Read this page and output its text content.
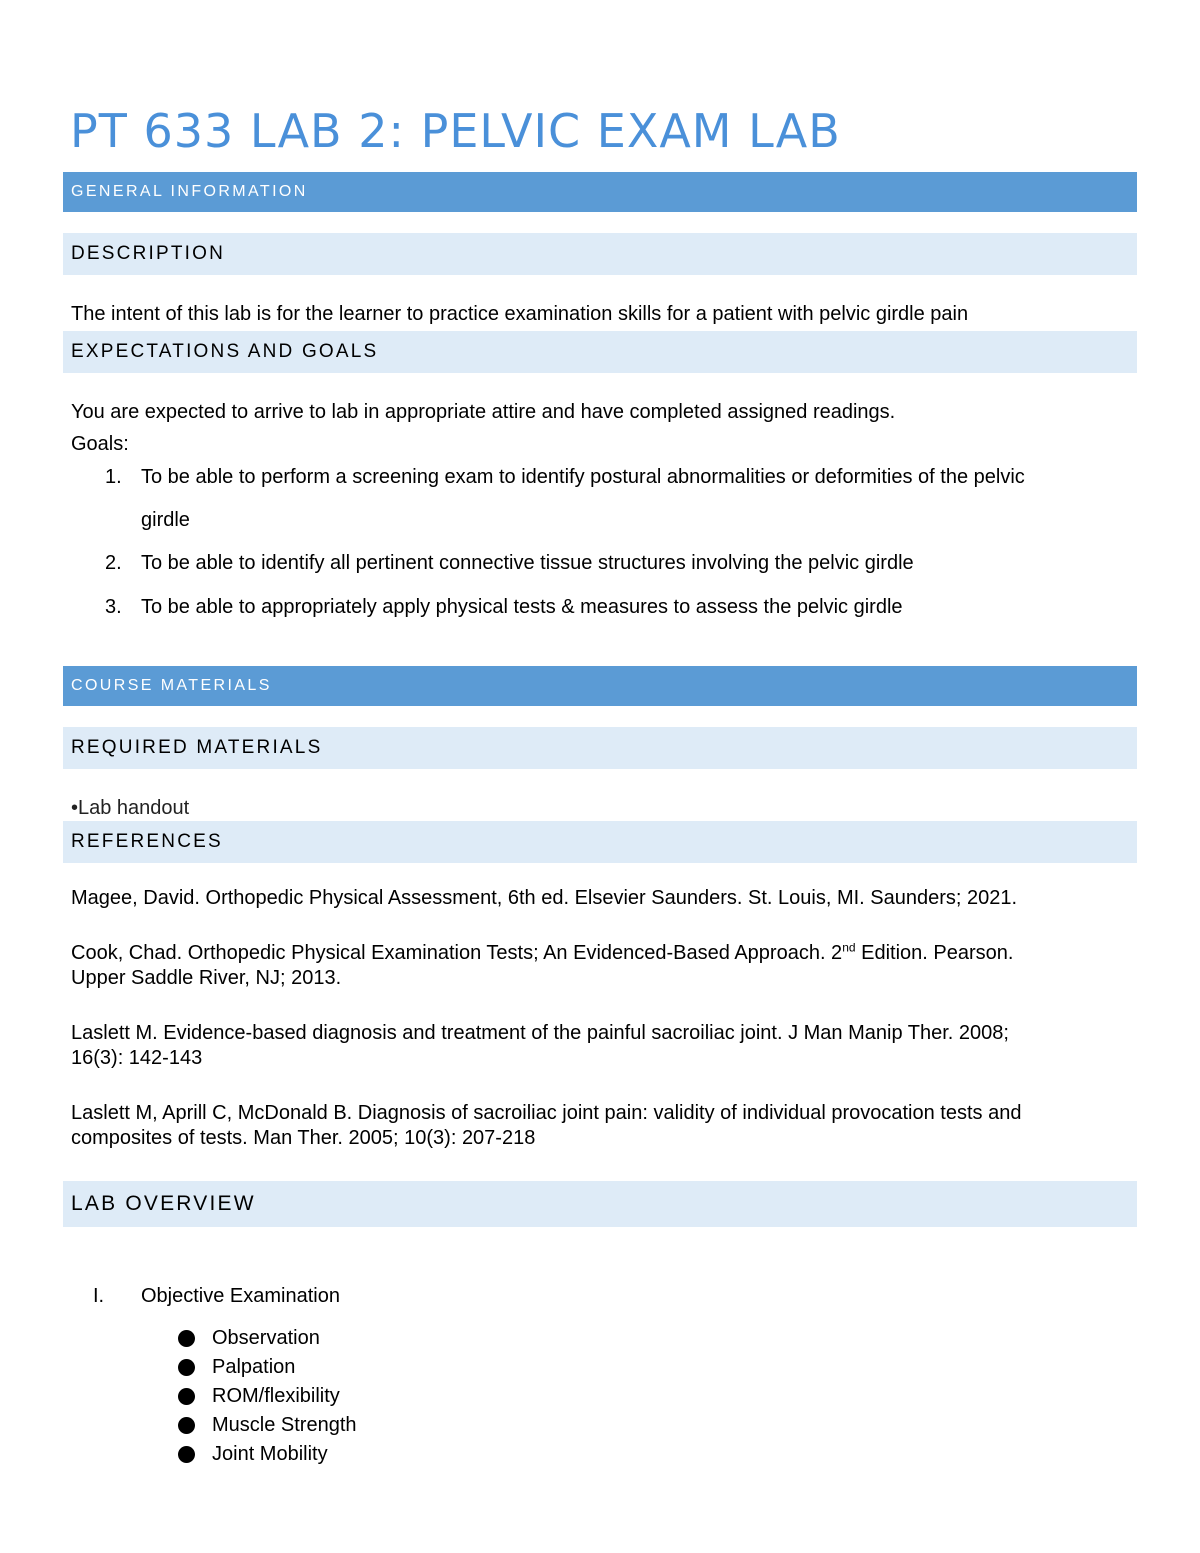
PT 633 LAB 2: PELVIC EXAM LAB
GENERAL INFORMATION
DESCRIPTION
The intent of this lab is for the learner to practice examination skills for a patient with pelvic girdle pain
EXPECTATIONS AND GOALS
You are expected to arrive to lab in appropriate attire and have completed assigned readings.
Goals:
1. To be able to perform a screening exam to identify postural abnormalities or deformities of the pelvic
girdle
2. To be able to identify all pertinent connective tissue structures involving the pelvic girdle
3. To be able to appropriately apply physical tests & measures to assess the pelvic girdle
COURSE MATERIALS
REQUIRED MATERIALS
•Lab handout
REFERENCES
Magee, David. Orthopedic Physical Assessment, 6th ed. Elsevier Saunders. St. Louis, MI. Saunders; 2021.
Cook, Chad. Orthopedic Physical Examination Tests; An Evidenced-Based Approach. 2nd Edition. Pearson.
Upper Saddle River, NJ; 2013.
Laslett M. Evidence-based diagnosis and treatment of the painful sacroiliac joint. J Man Manip Ther. 2008;
16(3): 142-143
Laslett M, Aprill C, McDonald B. Diagnosis of sacroiliac joint pain: validity of individual provocation tests and
composites of tests. Man Ther. 2005; 10(3): 207-218
LAB OVERVIEW
I. Objective Examination
Observation
Palpation
ROM/flexibility
Muscle Strength
Joint Mobility
